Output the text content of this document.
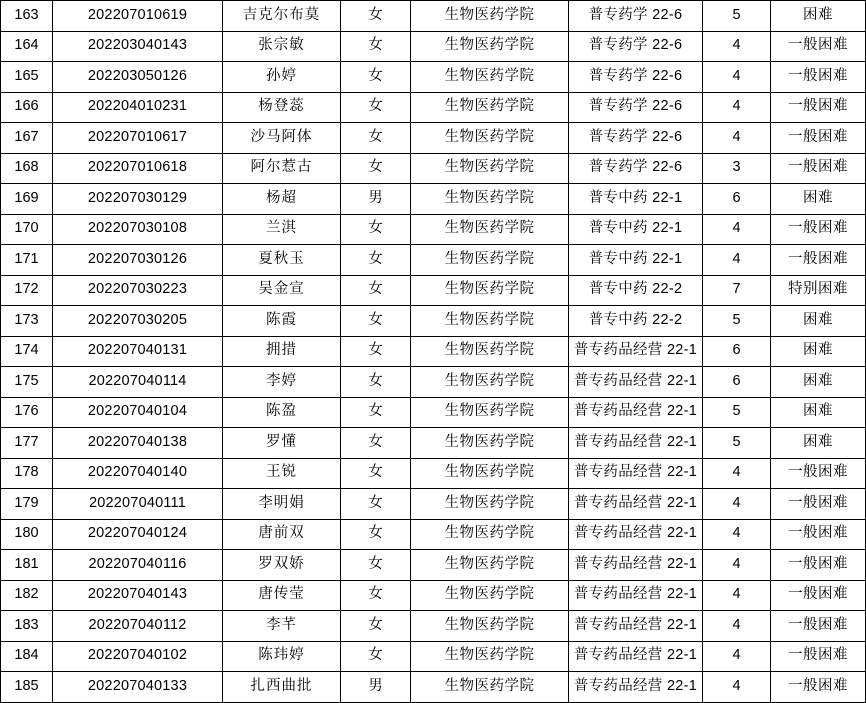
163	202207010619	吉克尔布莫	女	生物医药学院	普专药学 22-6	5	困难
164	202203040143	张宗敏	女	生物医药学院	普专药学 22-6	4	一般困难
165	202203050126	孙婷	女	生物医药学院	普专药学 22-6	4	一般困难
166	202204010231	杨登蕊	女	生物医药学院	普专药学 22-6	4	一般困难
167	202207010617	沙马阿体	女	生物医药学院	普专药学 22-6	4	一般困难
168	202207010618	阿尔惹古	女	生物医药学院	普专药学 22-6	3	一般困难
169	202207030129	杨超	男	生物医药学院	普专中药 22-1	6	困难
170	202207030108	兰淇	女	生物医药学院	普专中药 22-1	4	一般困难
171	202207030126	夏秋玉	女	生物医药学院	普专中药 22-1	4	一般困难
172	202207030223	吴金宣	女	生物医药学院	普专中药 22-2	7	特别困难
173	202207030205	陈霞	女	生物医药学院	普专中药 22-2	5	困难
174	202207040131	拥措	女	生物医药学院	普专药品经营 22-1	6	困难
175	202207040114	李婷	女	生物医药学院	普专药品经营 22-1	6	困难
176	202207040104	陈盈	女	生物医药学院	普专药品经营 22-1	5	困难
177	202207040138	罗懂	女	生物医药学院	普专药品经营 22-1	5	困难
178	202207040140	王锐	女	生物医药学院	普专药品经营 22-1	4	一般困难
179	202207040111	李明娟	女	生物医药学院	普专药品经营 22-1	4	一般困难
180	202207040124	唐前双	女	生物医药学院	普专药品经营 22-1	4	一般困难
181	202207040116	罗双娇	女	生物医药学院	普专药品经营 22-1	4	一般困难
182	202207040143	唐传莹	女	生物医药学院	普专药品经营 22-1	4	一般困难
183	202207040112	李芊	女	生物医药学院	普专药品经营 22-1	4	一般困难
184	202207040102	陈玮婷	女	生物医药学院	普专药品经营 22-1	4	一般困难
185	202207040133	扎西曲批	男	生物医药学院	普专药品经营 22-1	4	一般困难
